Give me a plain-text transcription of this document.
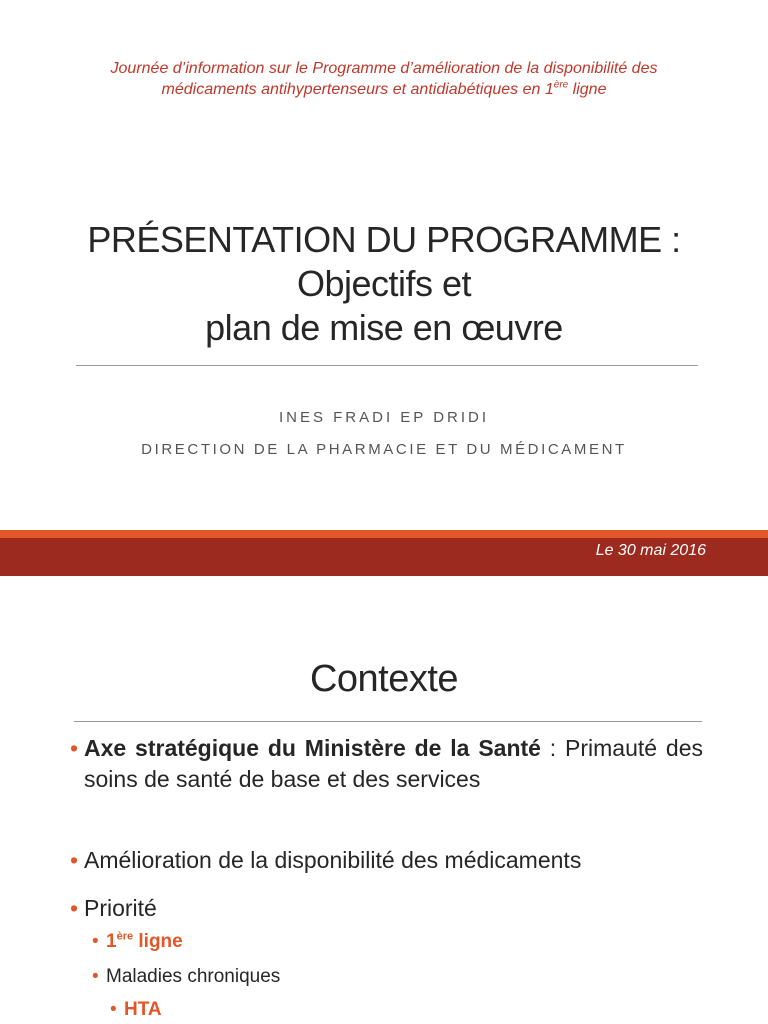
Journée d’information sur le Programme d’amélioration de la disponibilité des
médicaments antihypertenseurs et antidiabétiques en 1ère ligne
PRÉSENTATION DU PROGRAMME :
Objectifs et
plan de mise en œuvre
INES FRADI EP DRIDI
DIRECTION DE LA PHARMACIE ET DU MÉDICAMENT
Le 30 mai 2016
Contexte
• Axe stratégique du Ministère de la Santé : Primauté des soins de santé de base et des services
• Amélioration de la disponibilité des médicaments
• Priorité
• 1ère ligne
• Maladies chroniques
• HTA
